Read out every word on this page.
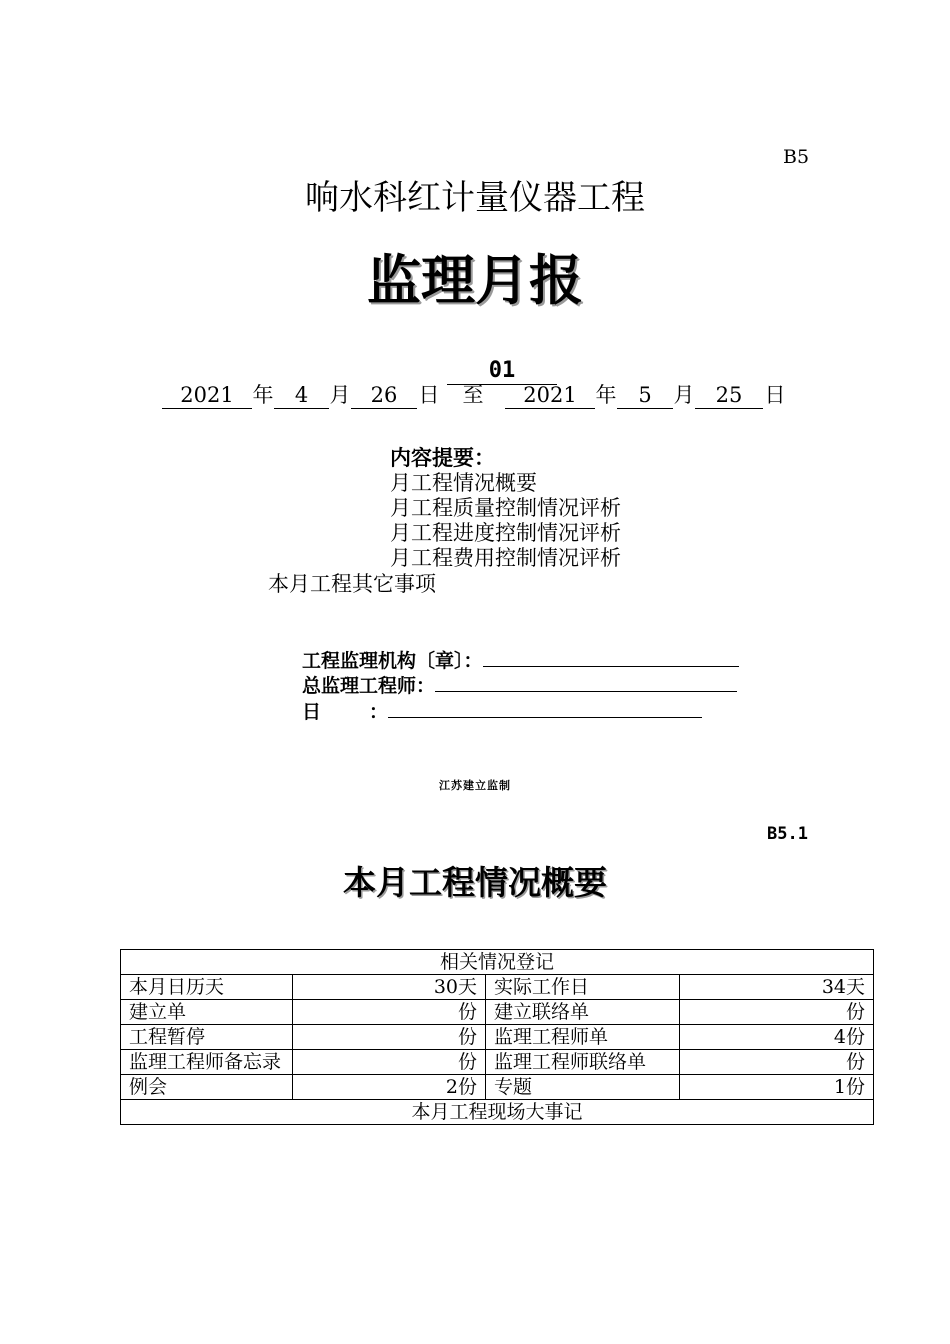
B5
响水科红计量仪器工程
监理月报
01
2021 年 4 月 26 日 至 2021 年 5 月 25 日
内容提要：
月工程情况概要
月工程质量控制情况评析
月工程进度控制情况评析
月工程费用控制情况评析
本月工程其它事项
工程监理机构〔章〕：
总监理工程师：
日	：
江苏建立监制
B5.1
本月工程情况概要
相关情况登记			
本月日历天	30天	实际工作日	34天
建立单	份	建立联络单	份
工程暂停	份	监理工程师单	4份
监理工程师备忘录	份	监理工程师联络单	份
例会	2份	专题	1份
本月工程现场大事记			
